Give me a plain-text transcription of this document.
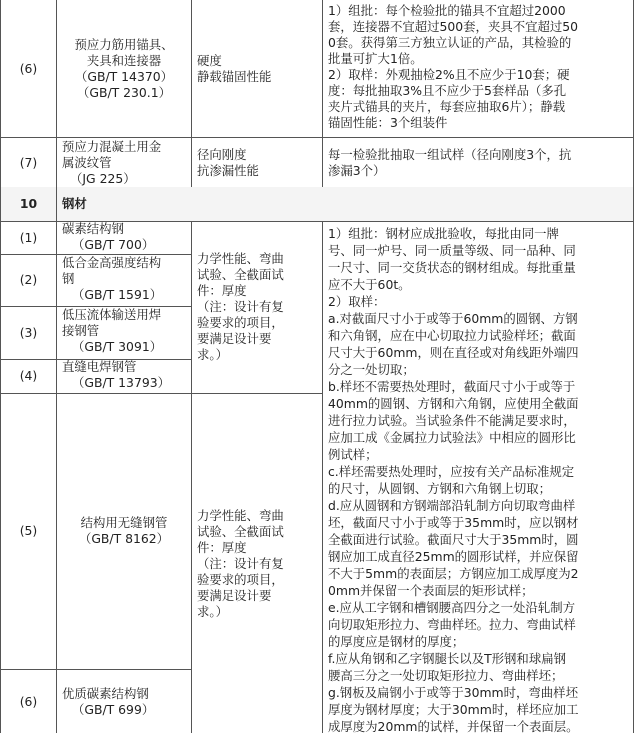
(6)
预应力筋用锚具、
夹具和连接器
（GB/T 14370）
（GB/T 230.1）
硬度
静载锚固性能
1）组批：每个检验批的锚具不宜超过2000
套，连接器不宜超过500套，夹具不宜超过50
0套。获得第三方独立认证的产品，其检验的
批量可扩大1倍。
2）取样：外观抽检2%且不应少于10套；硬
度：每批抽取3%且不应少于5套样品（多孔
夹片式锚具的夹片，每套应抽取6片）；静载
锚固性能：3个组装件
(7)
预应力混凝土用金
属波纹管
（JG 225）
径向刚度
抗渗漏性能
每一检验批抽取一组试样（径向刚度3个，抗
渗漏3个）
10 钢材
(1)
(2)
(3)
(4)
(5)
(6)
碳素结构钢
（GB/T 700）
低合金高强度结构
钢
（GB/T 1591）
低压流体输送用焊
接钢管
（GB/T 3091）
直缝电焊钢管
（GB/T 13793）
结构用无缝钢管
（GB/T 8162）
优质碳素结构钢
（GB/T 699）
力学性能、弯曲
试验、全截面试
件：厚度
（注：设计有复
验要求的项目，
要满足设计要
求。）
力学性能、弯曲
试验、全截面试
件：厚度
（注：设计有复
验要求的项目，
要满足设计要
求。）
1）组批：钢材应成批验收，每批由同一牌
号、同一炉号、同一质量等级、同一品种、同
一尺寸、同一交货状态的钢材组成。每批重量
应不大于60t。
2）取样：
a.对截面尺寸小于或等于60mm的圆钢、方钢
和六角钢，应在中心切取拉力试验样坯；截面
尺寸大于60mm，则在直径或对角线距外端四
分之一处切取；
b.样坯不需要热处理时，截面尺寸小于或等于
40mm的圆钢、方钢和六角钢，应使用全截面
进行拉力试验。当试验条件不能满足要求时，
应加工成《金属拉力试验法》中相应的圆形比
例试样；
c.样坯需要热处理时，应按有关产品标准规定
的尺寸，从圆钢、方钢和六角钢上切取；
d.应从圆钢和方钢端部沿轧制方向切取弯曲样
坯，截面尺寸小于或等于35mm时，应以钢材
全截面进行试验。截面尺寸大于35mm时，圆
钢应加工成直径25mm的圆形试样，并应保留
不大于5mm的表面层；方钢应加工成厚度为2
0mm并保留一个表面层的矩形试样；
e.应从工字钢和槽钢腰高四分之一处沿轧制方
向切取矩形拉力、弯曲样坯。拉力、弯曲试样
的厚度应是钢材的厚度；
f.应从角钢和乙字钢腿长以及T形钢和球扁钢
腰高三分之一处切取矩形拉力、弯曲样坯；
g.钢板及扁钢小于或等于30mm时，弯曲样坯
厚度为钢材厚度；大于30mm时，样坯应加工
成厚度为20mm的试样，并保留一个表面层。
